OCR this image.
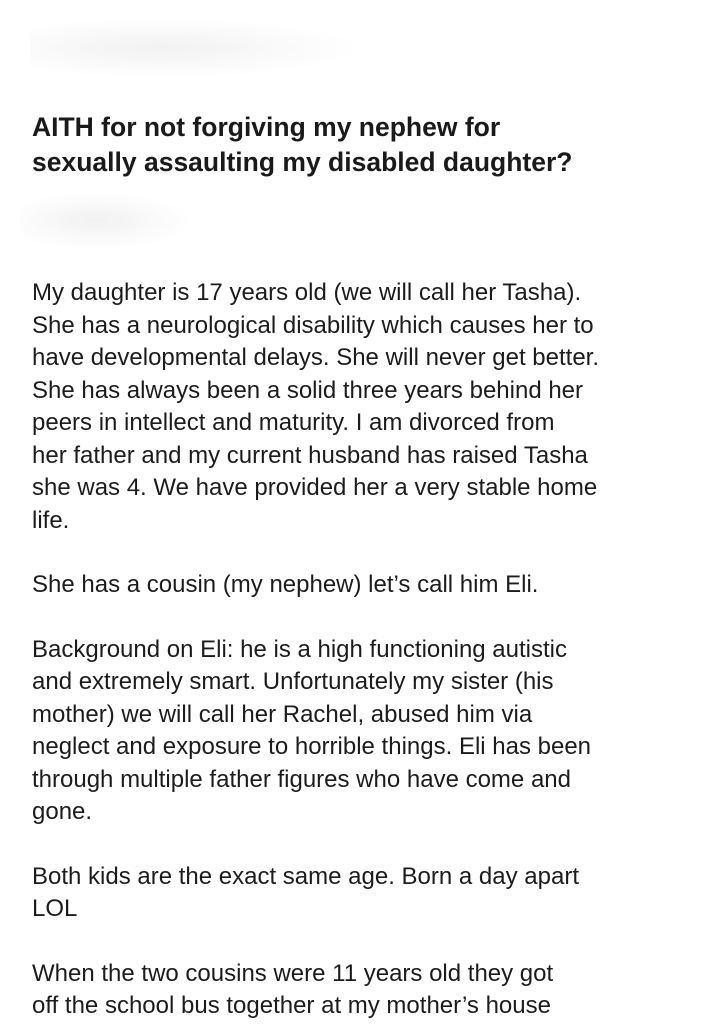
AITH for not forgiving my nephew for
sexually assaulting my disabled daughter?

My daughter is 17 years old (we will call her Tasha).
She has a neurological disability which causes her to
have developmental delays. She will never get better.
She has always been a solid three years behind her
peers in intellect and maturity. I am divorced from
her father and my current husband has raised Tasha
she was 4. We have provided her a very stable home
life.

She has a cousin (my nephew) let’s call him Eli.

Background on Eli: he is a high functioning autistic
and extremely smart. Unfortunately my sister (his
mother) we will call her Rachel, abused him via
neglect and exposure to horrible things. Eli has been
through multiple father figures who have come and
gone.

Both kids are the exact same age. Born a day apart
LOL

When the two cousins were 11 years old they got
off the school bus together at my mother’s house
